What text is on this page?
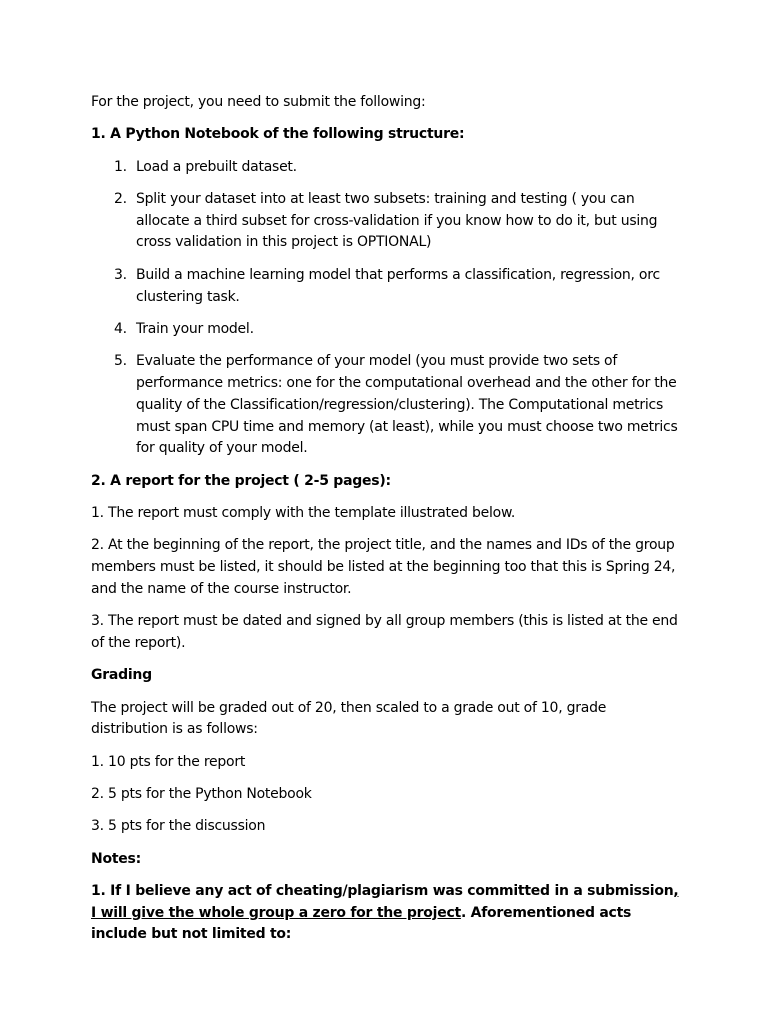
For the project, you need to submit the following:

1. A Python Notebook of the following structure:

1. Load a prebuilt dataset.
2. Split your dataset into at least two subsets: training and testing ( you can allocate a third subset for cross-validation if you know how to do it, but using cross validation in this project is OPTIONAL)
3. Build a machine learning model that performs a classification, regression, orc clustering task.
4. Train your model.
5. Evaluate the performance of your model (you must provide two sets of performance metrics: one for the computational overhead and the other for the quality of the Classification/regression/clustering). The Computational metrics must span CPU time and memory (at least), while you must choose two metrics for quality of your model.

2. A report for the project ( 2-5 pages):

1. The report must comply with the template illustrated below.

2. At the beginning of the report, the project title, and the names and IDs of the group members must be listed, it should be listed at the beginning too that this is Spring 24, and the name of the course instructor.

3. The report must be dated and signed by all group members (this is listed at the end of the report).

Grading

The project will be graded out of 20, then scaled to a grade out of 10, grade distribution is as follows:

1. 10 pts for the report

2. 5 pts for the Python Notebook

3. 5 pts for the discussion

Notes:

1. If I believe any act of cheating/plagiarism was committed in a submission, I will give the whole group a zero for the project. Aforementioned acts include but not limited to:
